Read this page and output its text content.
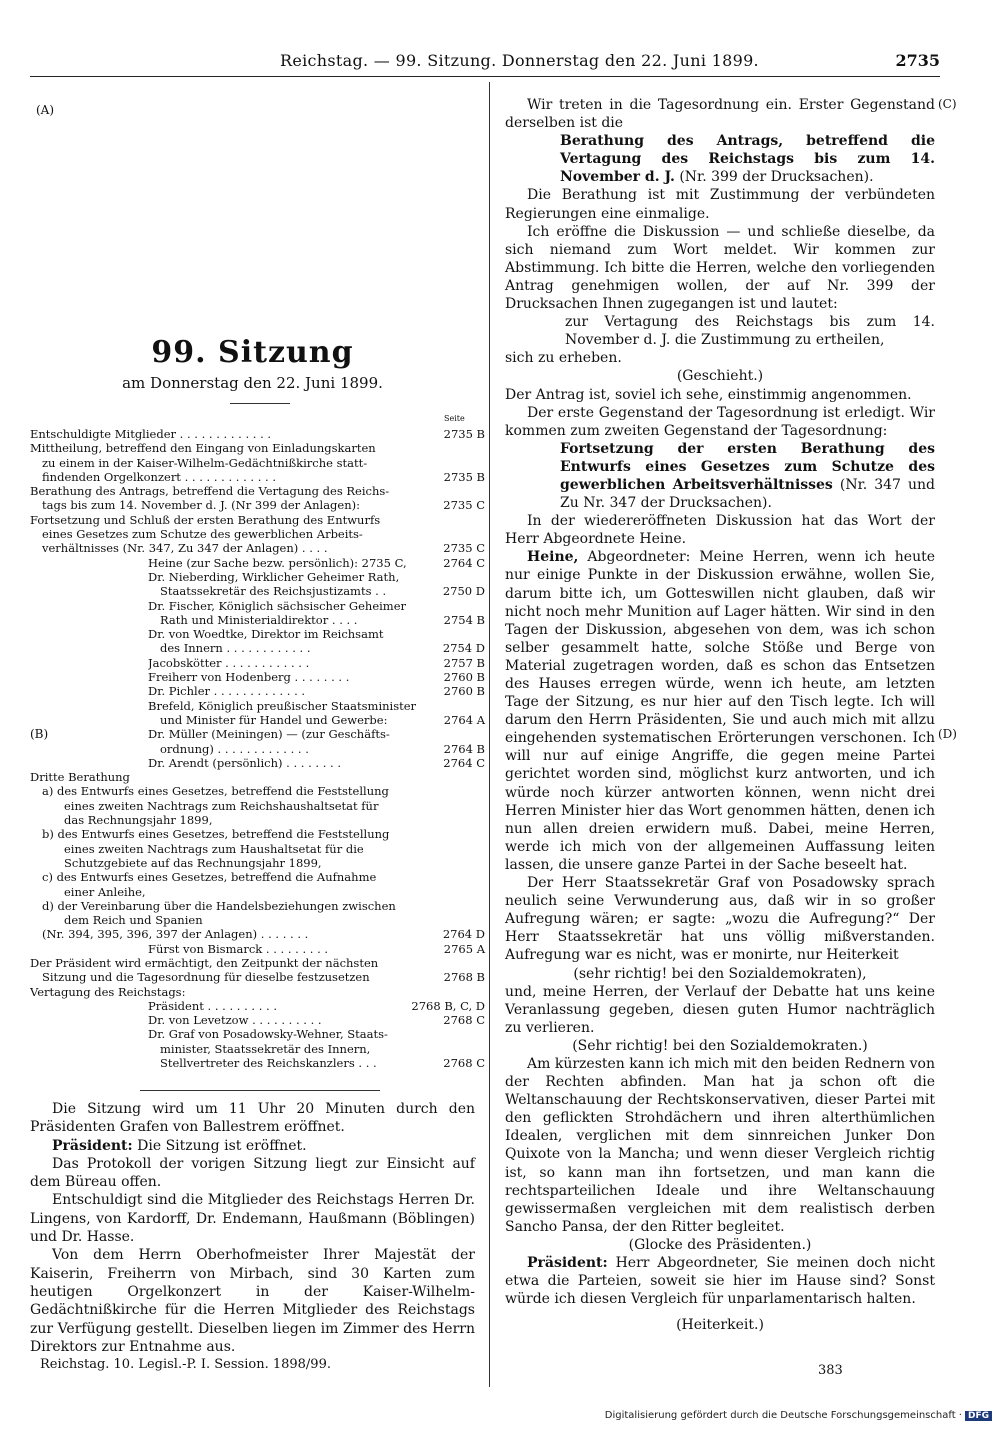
Reichstag. — 99. Sitzung. Donnerstag den 22. Juni 1899.	2735
(A)
(B)
(C)
(D)
99. Sitzung
am Donnerstag den 22. Juni 1899.
Seite
Entschuldigte Mitglieder . . . . . . . . . . . . .	2735 B
Mittheilung, betreffend den Eingang von Einladungskarten
zu einem in der Kaiser-Wilhelm-Gedächtnißkirche statt-
findenden Orgelkonzert . . . . . . . . . . . . .	2735 B
Berathung des Antrags, betreffend die Vertagung des Reichs-
tags bis zum 14. November d. J. (Nr 399 der Anlagen):	2735 C
Fortsetzung und Schluß der ersten Berathung des Entwurfs
eines Gesetzes zum Schutze des gewerblichen Arbeits-
verhältnisses (Nr. 347, Zu 347 der Anlagen) . . . .	2735 C
Heine (zur Sache bezw. persönlich): 2735 C,	2764 C
Dr. Nieberding, Wirklicher Geheimer Rath,
Staatssekretär des Reichsjustizamts . .	2750 D
Dr. Fischer, Königlich sächsischer Geheimer
Rath und Ministerialdirektor . . . .	2754 B
Dr. von Woedtke, Direktor im Reichsamt
des Innern . . . . . . . . . . . .	2754 D
Jacobskötter . . . . . . . . . . . .	2757 B
Freiherr von Hodenberg . . . . . . . .	2760 B
Dr. Pichler . . . . . . . . . . . . .	2760 B
Brefeld, Königlich preußischer Staatsminister
und Minister für Handel und Gewerbe:	2764 A
Dr. Müller (Meiningen) — (zur Geschäfts-
ordnung) . . . . . . . . . . . . .	2764 B
Dr. Arendt (persönlich) . . . . . . . .	2764 C
Dritte Berathung
a) des Entwurfs eines Gesetzes, betreffend die Feststellung
eines zweiten Nachtrags zum Reichshaushaltsetat für
das Rechnungsjahr 1899,
b) des Entwurfs eines Gesetzes, betreffend die Feststellung
eines zweiten Nachtrags zum Haushaltsetat für die
Schutzgebiete auf das Rechnungsjahr 1899,
c) des Entwurfs eines Gesetzes, betreffend die Aufnahme
einer Anleihe,
d) der Vereinbarung über die Handelsbeziehungen zwischen
dem Reich und Spanien
(Nr. 394, 395, 396, 397 der Anlagen) . . . . . . .	2764 D
Fürst von Bismarck . . . . . . . . .	2765 A
Der Präsident wird ermächtigt, den Zeitpunkt der nächsten
Sitzung und die Tagesordnung für dieselbe festzusetzen	2768 B
Vertagung des Reichstags:
Präsident . . . . . . . . . .	2768 B, C, D
Dr. von Levetzow . . . . . . . . . .	2768 C
Dr. Graf von Posadowsky-Wehner, Staats-
minister, Staatssekretär des Innern,
Stellvertreter des Reichskanzlers . . .	2768 C

Die Sitzung wird um 11 Uhr 20 Minuten durch den Präsidenten Grafen von Ballestrem eröffnet.

Präsident: Die Sitzung ist eröffnet.

Das Protokoll der vorigen Sitzung liegt zur Einsicht auf dem Büreau offen.

Entschuldigt sind die Mitglieder des Reichstags Herren Dr. Lingens, von Kardorff, Dr. Endemann, Haußmann (Böblingen) und Dr. Hasse.

Von dem Herrn Oberhofmeister Ihrer Majestät der Kaiserin, Freiherrn von Mirbach, sind 30 Karten zum heutigen Orgelkonzert in der Kaiser-Wilhelm-Gedächtnißkirche für die Herren Mitglieder des Reichstags zur Verfügung gestellt. Dieselben liegen im Zimmer des Herrn Direktors zur Entnahme aus.

Reichstag. 10. Legisl.-P. I. Session. 1898/99.

Wir treten in die Tagesordnung ein. Erster Gegenstand derselben ist die

Berathung des Antrags, betreffend die Vertagung des Reichstags bis zum 14. November d. J. (Nr. 399 der Drucksachen).

Die Berathung ist mit Zustimmung der verbündeten Regierungen eine einmalige.

Ich eröffne die Diskussion — und schließe dieselbe, da sich niemand zum Wort meldet. Wir kommen zur Abstimmung. Ich bitte die Herren, welche den vorliegenden Antrag genehmigen wollen, der auf Nr. 399 der Drucksachen Ihnen zugegangen ist und lautet:

zur Vertagung des Reichstags bis zum 14. November d. J. die Zustimmung zu ertheilen,

sich zu erheben.

(Geschieht.)

Der Antrag ist, soviel ich sehe, einstimmig angenommen.

Der erste Gegenstand der Tagesordnung ist erledigt. Wir kommen zum zweiten Gegenstand der Tagesordnung:

Fortsetzung der ersten Berathung des Entwurfs eines Gesetzes zum Schutze des gewerblichen Arbeitsverhältnisses (Nr. 347 und Zu Nr. 347 der Drucksachen).

In der wiedereröffneten Diskussion hat das Wort der Herr Abgeordnete Heine.

Heine, Abgeordneter: Meine Herren, wenn ich heute nur einige Punkte in der Diskussion erwähne, wollen Sie, darum bitte ich, um Gotteswillen nicht glauben, daß wir nicht noch mehr Munition auf Lager hätten. Wir sind in den Tagen der Diskussion, abgesehen von dem, was ich schon selber gesammelt hatte, solche Stöße und Berge von Material zugetragen worden, daß es schon das Entsetzen des Hauses erregen würde, wenn ich heute, am letzten Tage der Sitzung, es nur hier auf den Tisch legte. Ich will darum den Herrn Präsidenten, Sie und auch mich mit allzu eingehenden systematischen Erörterungen verschonen. Ich will nur auf einige Angriffe, die gegen meine Partei gerichtet worden sind, möglichst kurz antworten, und ich würde noch kürzer antworten können, wenn nicht drei Herren Minister hier das Wort genommen hätten, denen ich nun allen dreien erwidern muß. Dabei, meine Herren, werde ich mich von der allgemeinen Auffassung leiten lassen, die unsere ganze Partei in der Sache beseelt hat.

Der Herr Staatssekretär Graf von Posadowsky sprach neulich seine Verwunderung aus, daß wir in so großer Aufregung wären; er sagte: „wozu die Aufregung?“ Der Herr Staatssekretär hat uns völlig mißverstanden. Aufregung war es nicht, was er monirte, nur Heiterkeit

(sehr richtig! bei den Sozialdemokraten),

und, meine Herren, der Verlauf der Debatte hat uns keine Veranlassung gegeben, diesen guten Humor nachträglich zu verlieren.

(Sehr richtig! bei den Sozialdemokraten.)

Am kürzesten kann ich mich mit den beiden Rednern von der Rechten abfinden. Man hat ja schon oft die Weltanschauung der Rechtskonservativen, dieser Partei mit den geflickten Strohdächern und ihren alterthümlichen Idealen, verglichen mit dem sinnreichen Junker Don Quixote von la Mancha; und wenn dieser Vergleich richtig ist, so kann man ihn fortsetzen, und man kann die rechtsparteilichen Ideale und ihre Weltanschauung gewissermaßen vergleichen mit dem realistisch derben Sancho Pansa, der den Ritter begleitet.

(Glocke des Präsidenten.)

Präsident: Herr Abgeordneter, Sie meinen doch nicht etwa die Parteien, soweit sie hier im Hause sind? Sonst würde ich diesen Vergleich für unparlamentarisch halten.

(Heiterkeit.)

383
Digitalisierung gefördert durch die Deutsche Forschungsgemeinschaft · DFG
